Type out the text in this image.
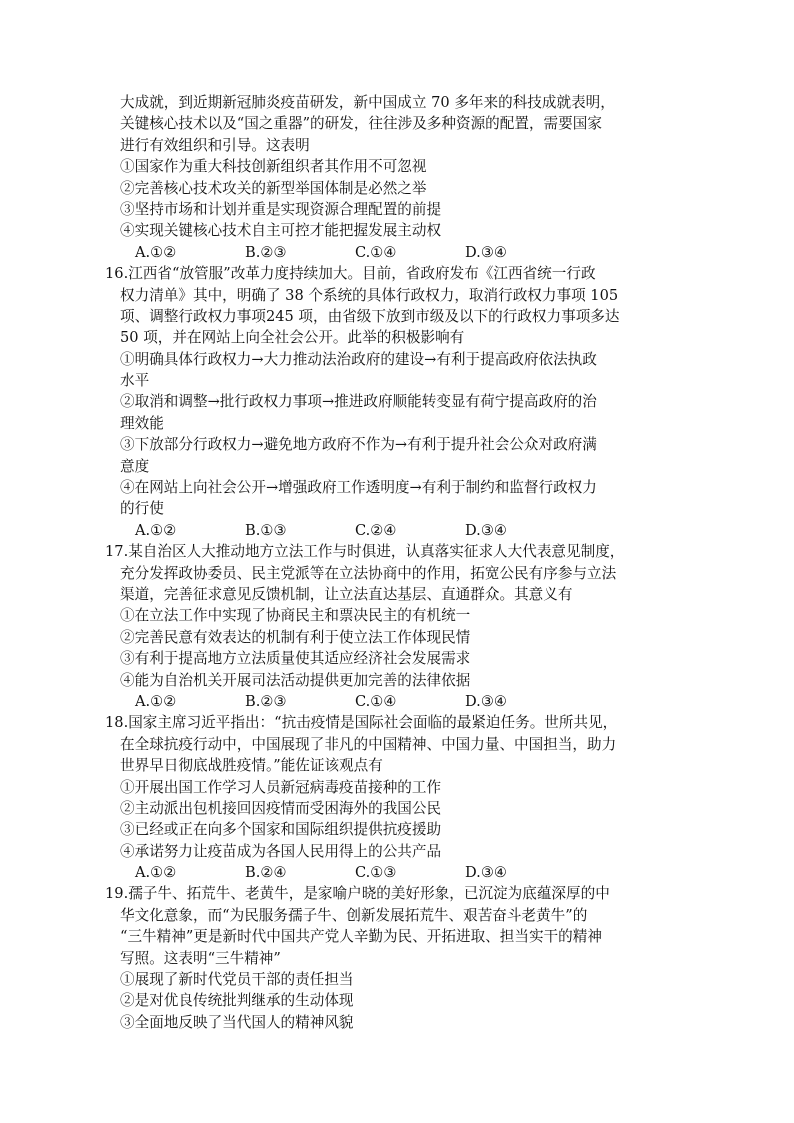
大成就，到近期新冠肺炎疫苗研发，新中国成立 70 多年来的科技成就表明，
关键核心技术以及“国之重器”的研发，往往涉及多种资源的配置，需要国家
进行有效组织和引导。这表明
①国家作为重大科技创新组织者其作用不可忽视
②完善核心技术攻关的新型举国体制是必然之举
③坚持市场和计划并重是实现资源合理配置的前提
④实现关键核心技术自主可控才能把握发展主动权
A.①②	B.②③	C.①④	D.③④
16.江西省“放管服”改革力度持续加大。目前，省政府发布《江西省统一行政
权力清单》其中，明确了 38 个系统的具体行政权力，取消行政权力事项 105
项、调整行政权力事项245 项，由省级下放到市级及以下的行政权力事项多达
50 项，并在网站上向全社会公开。此举的积极影响有
①明确具体行政权力→大力推动法治政府的建设→有利于提高政府依法执政
水平
②取消和调整→批行政权力事项→推进政府顺能转变显有荷宁提高政府的治
理效能
③下放部分行政权力→避免地方政府不作为→有利于提升社会公众对政府满
意度
④在网站上向社会公开→增强政府工作透明度→有利于制约和监督行政权力
的行使
A.①②	B.①③	C.②④	D.③④
17.某自治区人大推动地方立法工作与时俱进，认真落实征求人大代表意见制度，
充分发挥政协委员、民主党派等在立法协商中的作用，拓宽公民有序参与立法
渠道，完善征求意见反馈机制，让立法直达基层、直通群众。其意义有
①在立法工作中实现了协商民主和票决民主的有机统一
②完善民意有效表达的机制有利于使立法工作体现民情
③有利于提高地方立法质量使其适应经济社会发展需求
④能为自治机关开展司法活动提供更加完善的法律依据
A.①②	B.②③	C.①④	D.③④
18.国家主席习近平指出：“抗击疫情是国际社会面临的最紧迫任务。世所共见，
在全球抗疫行动中，中国展现了非凡的中国精神、中国力量、中国担当，助力
世界早日彻底战胜疫情。”能佐证该观点有
①开展出国工作学习人员新冠病毒疫苗接种的工作
②主动派出包机接回因疫情而受困海外的我国公民
③已经或正在向多个国家和国际组织提供抗疫援助
④承诺努力让疫苗成为各国人民用得上的公共产品
A.①②	B.②④	C.①③	D.③④
19.孺子牛、拓荒牛、老黄牛，是家喻户晓的美好形象，已沉淀为底蕴深厚的中
华文化意象，而“为民服务孺子牛、创新发展拓荒牛、艰苦奋斗老黄牛”的
“三牛精神”更是新时代中国共产党人辛勤为民、开拓进取、担当实干的精神
写照。这表明“三牛精神”
①展现了新时代党员干部的责任担当
②是对优良传统批判继承的生动体现
③全面地反映了当代国人的精神风貌
